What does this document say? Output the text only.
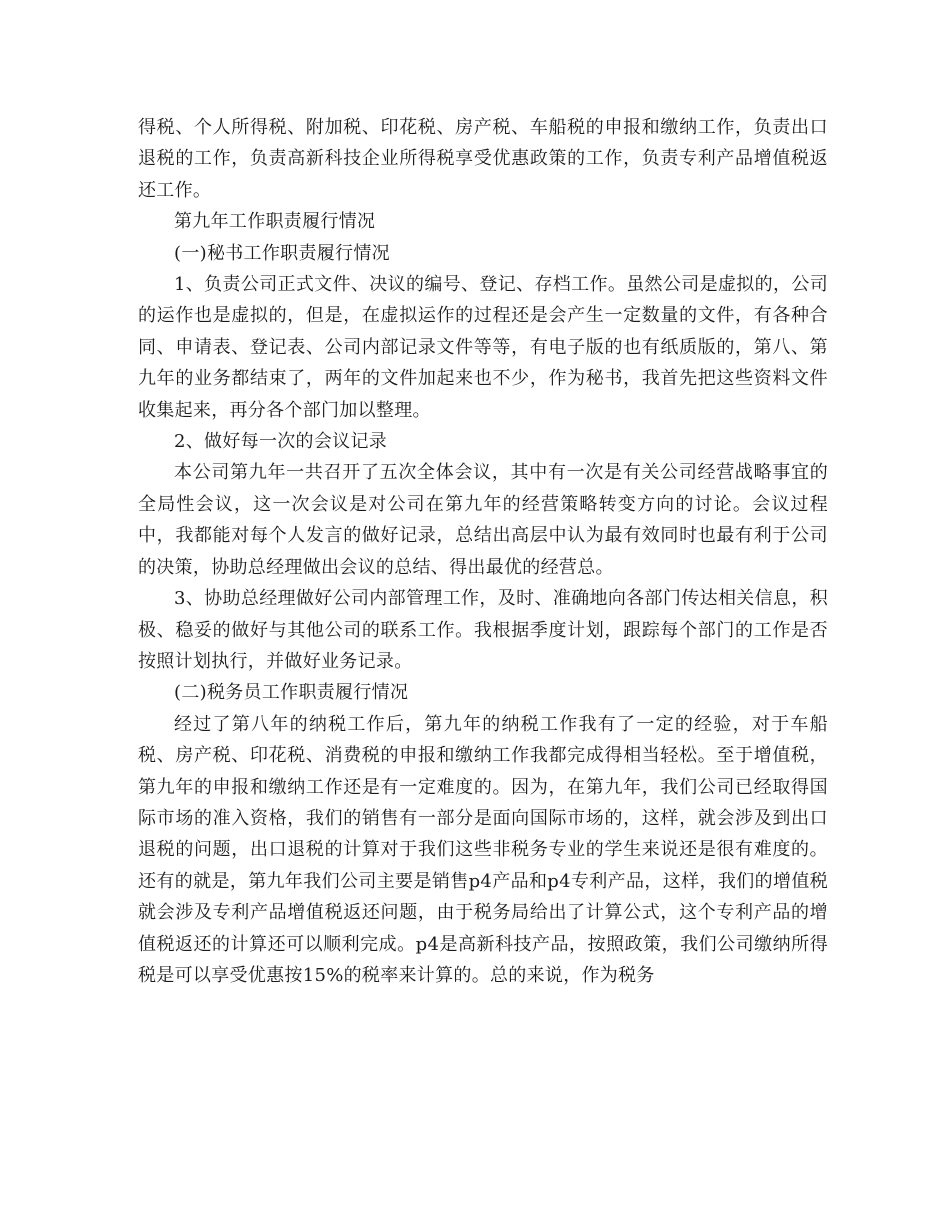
得税、个人所得税、附加税、印花税、房产税、车船税的申报和缴纳工作，负责出口退税的工作，负责高新科技企业所得税享受优惠政策的工作，负责专利产品增值税返还工作。

第九年工作职责履行情况

(一)秘书工作职责履行情况

1、负责公司正式文件、决议的编号、登记、存档工作。虽然公司是虚拟的，公司的运作也是虚拟的，但是，在虚拟运作的过程还是会产生一定数量的文件，有各种合同、申请表、登记表、公司内部记录文件等等，有电子版的也有纸质版的，第八、第九年的业务都结束了，两年的文件加起来也不少，作为秘书，我首先把这些资料文件收集起来，再分各个部门加以整理。

2、做好每一次的会议记录

本公司第九年一共召开了五次全体会议，其中有一次是有关公司经营战略事宜的全局性会议，这一次会议是对公司在第九年的经营策略转变方向的讨论。会议过程中，我都能对每个人发言的做好记录，总结出高层中认为最有效同时也最有利于公司的决策，协助总经理做出会议的总结、得出最优的经营总。

3、协助总经理做好公司内部管理工作，及时、准确地向各部门传达相关信息，积极、稳妥的做好与其他公司的联系工作。我根据季度计划，跟踪每个部门的工作是否按照计划执行，并做好业务记录。

(二)税务员工作职责履行情况

经过了第八年的纳税工作后，第九年的纳税工作我有了一定的经验，对于车船税、房产税、印花税、消费税的申报和缴纳工作我都完成得相当轻松。至于增值税，第九年的申报和缴纳工作还是有一定难度的。因为，在第九年，我们公司已经取得国际市场的准入资格，我们的销售有一部分是面向国际市场的，这样，就会涉及到出口退税的问题，出口退税的计算对于我们这些非税务专业的学生来说还是很有难度的。还有的就是，第九年我们公司主要是销售p4产品和p4专利产品，这样，我们的增值税就会涉及专利产品增值税返还问题，由于税务局给出了计算公式，这个专利产品的增值税返还的计算还可以顺利完成。p4是高新科技产品，按照政策，我们公司缴纳所得税是可以享受优惠按15%的税率来计算的。总的来说，作为税务
